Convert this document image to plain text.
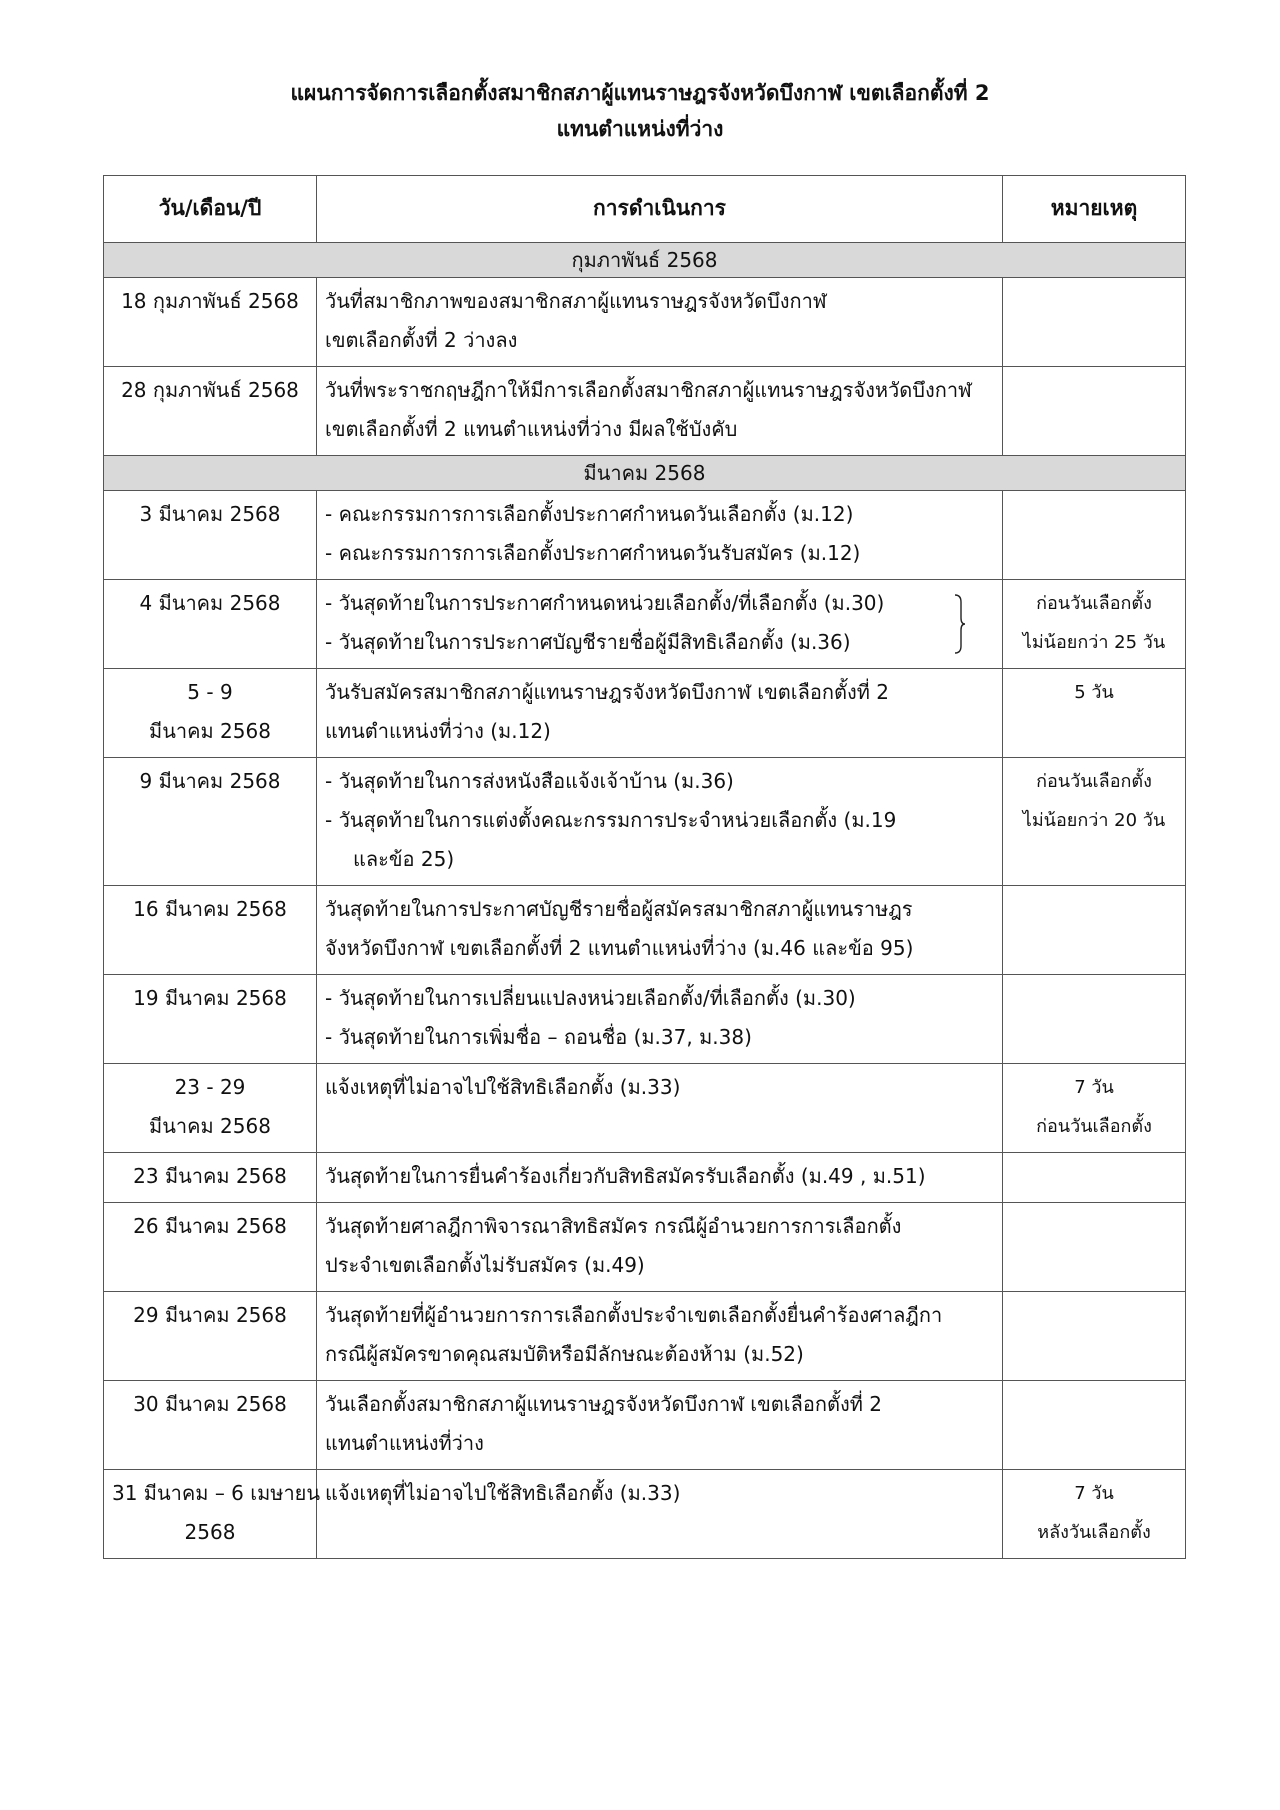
แผนการจัดการเลือกตั้งสมาชิกสภาผู้แทนราษฎรจังหวัดบึงกาฬ เขตเลือกตั้งที่ 2
แทนตำแหน่งที่ว่าง
วัน/เดือน/ปี	การดำเนินการ	หมายเหตุ
กุมภาพันธ์ 2568		

18 กุมภาพันธ์ 2568	วันที่สมาชิกภาพของสมาชิกสภาผู้แทนราษฎรจังหวัดบึงกาฬ
เขตเลือกตั้งที่ 2 ว่างลง	

28 กุมภาพันธ์ 2568	วันที่พระราชกฤษฎีกาให้มีการเลือกตั้งสมาชิกสภาผู้แทนราษฎรจังหวัดบึงกาฬ
เขตเลือกตั้งที่ 2 แทนตำแหน่งที่ว่าง มีผลใช้บังคับ	

มีนาคม 2568		

3 มีนาคม 2568	- คณะกรรมการการเลือกตั้งประกาศกำหนดวันเลือกตั้ง (ม.12)
- คณะกรรมการการเลือกตั้งประกาศกำหนดวันรับสมัคร (ม.12)	

4 มีนาคม 2568	- วันสุดท้ายในการประกาศกำหนดหน่วยเลือกตั้ง/ที่เลือกตั้ง (ม.30)
- วันสุดท้ายในการประกาศบัญชีรายชื่อผู้มีสิทธิเลือกตั้ง (ม.36)	ก่อนวันเลือกตั้ง
ไม่น้อยกว่า 25 วัน

5 - 9
มีนาคม 2568	วันรับสมัครสมาชิกสภาผู้แทนราษฎรจังหวัดบึงกาฬ เขตเลือกตั้งที่ 2
แทนตำแหน่งที่ว่าง (ม.12)	5 วัน

9 มีนาคม 2568	- วันสุดท้ายในการส่งหนังสือแจ้งเจ้าบ้าน (ม.36)
- วันสุดท้ายในการแต่งตั้งคณะกรรมการประจำหน่วยเลือกตั้ง (ม.19
และข้อ 25)	ก่อนวันเลือกตั้ง
ไม่น้อยกว่า 20 วัน

16 มีนาคม 2568	วันสุดท้ายในการประกาศบัญชีรายชื่อผู้สมัครสมาชิกสภาผู้แทนราษฎร
จังหวัดบึงกาฬ เขตเลือกตั้งที่ 2 แทนตำแหน่งที่ว่าง (ม.46 และข้อ 95)	

19 มีนาคม 2568	- วันสุดท้ายในการเปลี่ยนแปลงหน่วยเลือกตั้ง/ที่เลือกตั้ง (ม.30)
- วันสุดท้ายในการเพิ่มชื่อ – ถอนชื่อ (ม.37, ม.38)	

23 - 29
มีนาคม 2568	แจ้งเหตุที่ไม่อาจไปใช้สิทธิเลือกตั้ง (ม.33)	7 วัน
ก่อนวันเลือกตั้ง

23 มีนาคม 2568	วันสุดท้ายในการยื่นคำร้องเกี่ยวกับสิทธิสมัครรับเลือกตั้ง (ม.49 , ม.51)	

26 มีนาคม 2568	วันสุดท้ายศาลฎีกาพิจารณาสิทธิสมัคร กรณีผู้อำนวยการการเลือกตั้ง
ประจำเขตเลือกตั้งไม่รับสมัคร (ม.49)	

29 มีนาคม 2568	วันสุดท้ายที่ผู้อำนวยการการเลือกตั้งประจำเขตเลือกตั้งยื่นคำร้องศาลฎีกา
กรณีผู้สมัครขาดคุณสมบัติหรือมีลักษณะต้องห้าม (ม.52)	

30 มีนาคม 2568	วันเลือกตั้งสมาชิกสภาผู้แทนราษฎรจังหวัดบึงกาฬ เขตเลือกตั้งที่ 2
แทนตำแหน่งที่ว่าง	

31 มีนาคม – 6 เมษายน
2568	แจ้งเหตุที่ไม่อาจไปใช้สิทธิเลือกตั้ง (ม.33)	7 วัน
หลังวันเลือกตั้ง
